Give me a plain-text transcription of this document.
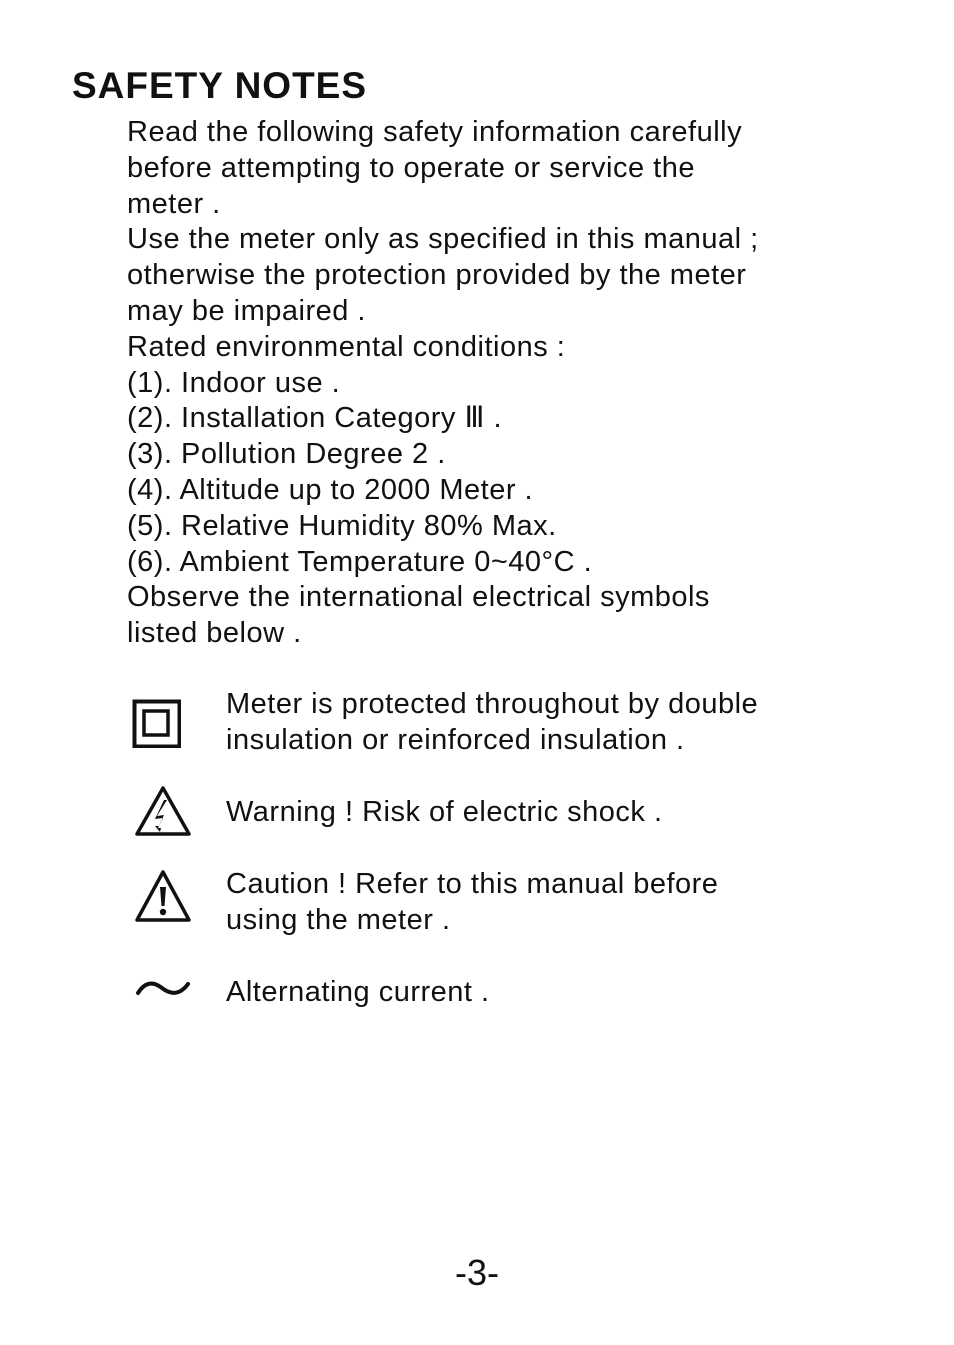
SAFETY NOTES
Read the following safety information carefully
before attempting to operate or service the
meter .
Use the meter only as specified in this manual ;
otherwise the protection provided by the meter
may be impaired .
Rated environmental conditions :
(1). Indoor use .
(2). Installation Category Ⅲ .
(3). Pollution Degree 2 .
(4). Altitude up to 2000 Meter .
(5). Relative Humidity 80% Max.
(6). Ambient Temperature 0~40°C .
Observe the international electrical symbols
listed below .
Meter is protected throughout by double
insulation or reinforced insulation .
Warning ! Risk of electric shock .
Caution ! Refer to this manual before
using the meter .
Alternating current .
-3-
